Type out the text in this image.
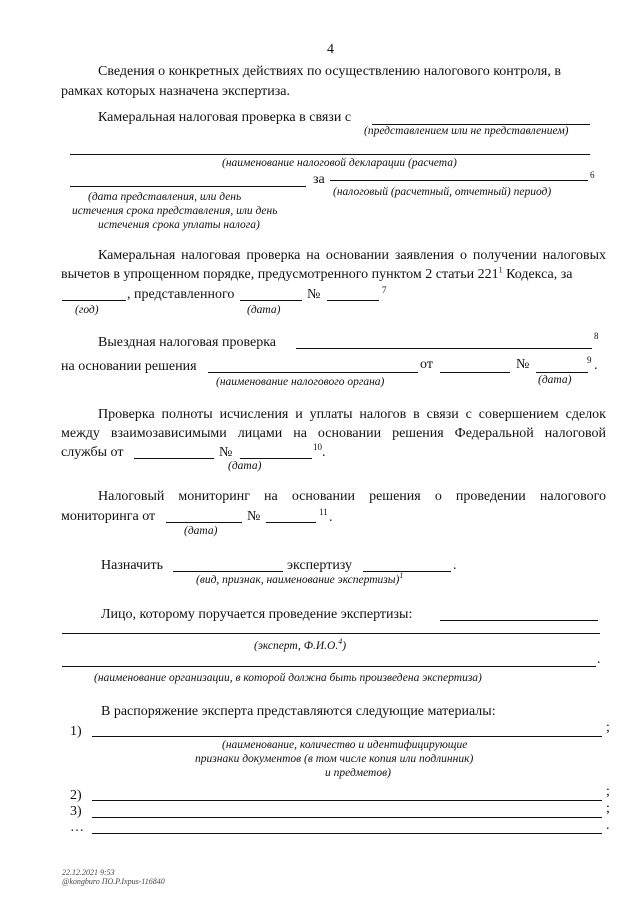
4
Сведения о конкретных действиях по осуществлению налогового контроля, в
рамках которых назначена экспертиза.
Камеральная налоговая проверка в связи с
(представлением или не представлением)
(наименование налоговой декларации (расчета)
за	6
(дата представления, или день	(налоговый (расчетный, отчетный) период)
истечения срока представления, или день
истечения срока уплаты налога)
Камеральная налоговая проверка на основании заявления о получении налоговых
вычетов в упрощенном порядке, предусмотренного пунктом 2 статьи $221^1$ Кодекса, за
, представленного	№	7
(год)	(дата)
Выездная налоговая проверка	8
на основании решения	от	№	9 .
(наименование налогового органа)	(дата)
Проверка полноты исчисления и уплаты налогов в связи с совершением сделок
между взаимозависимыми лицами на основании решения Федеральной налоговой
службы от	№	10 .
(дата)
Налоговый мониторинг на основании решения о проведении налогового
мониторинга от	№	11 .
(дата)
Назначить	экспертизу	.
(вид, признак, наименование экспертизы)$^1$
Лицо, которому поручается проведение экспертизы:
(эксперт, Ф.И.О.$^4$)
.
(наименование организации, в которой должна быть произведена экспертиза)
В распоряжение эксперта представляются следующие материалы:
1)	;
(наименование, количество и идентифицирующие
признаки документов (в том числе копия или подлинник)
и предметов)
2)	;
3)	;
…	.
22.12.2021 9:53
@kongburo ПО.Р.Ixpus-116840
